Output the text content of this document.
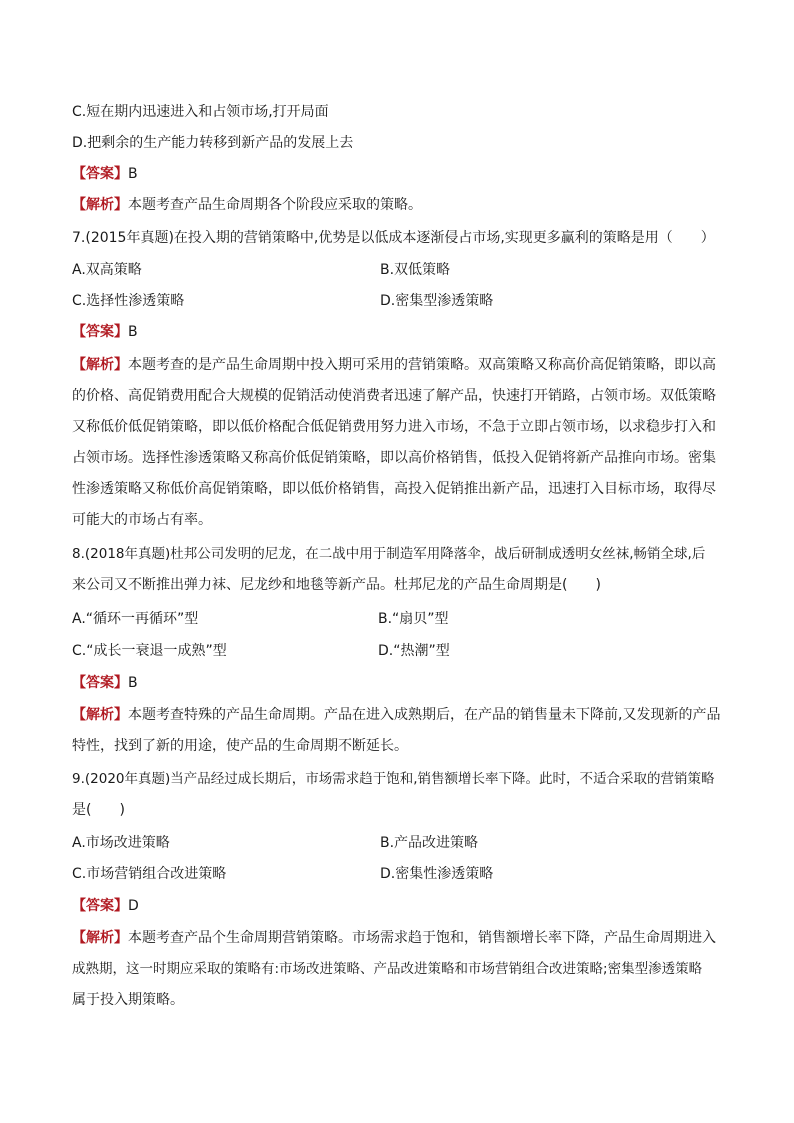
C.短在期内迅速进入和占领市场,打开局面
D.把剩余的生产能力转移到新产品的发展上去
【答案】B
【解析】本题考查产品生命周期各个阶段应采取的策略。
7.(2015年真题)在投入期的营销策略中,优势是以低成本逐渐侵占市场,实现更多赢利的策略是用（　　）
A.双高策略	B.双低策略
C.选择性渗透策略	D.密集型渗透策略
【答案】B

【解析】本题考查的是产品生命周期中投入期可采用的营销策略。双高策略又称高价高促销策略，即以高

的价格、高促销费用配合大规模的促销活动使消费者迅速了解产品，快速打开销路，占领市场。双低策略

又称低价低促销策略，即以低价格配合低促销费用努力进入市场，不急于立即占领市场，以求稳步打入和

占领市场。选择性渗透策略又称高价低促销策略，即以高价格销售，低投入促销将新产品推向市场。密集

性渗透策略又称低价高促销策略，即以低价格销售，高投入促销推出新产品，迅速打入目标市场，取得尽

可能大的市场占有率。

8.(2018年真题)杜邦公司发明的尼龙，在二战中用于制造军用降落伞，战后研制成透明女丝袜,畅销全球,后

来公司又不断推出弹力袜、尼龙纱和地毯等新产品。杜邦尼龙的产品生命周期是(　　)

A.“循环一再循环”型	B.“扇贝”型
C.“成长一衰退一成熟”型	D.“热潮”型
【答案】B

【解析】本题考查特殊的产品生命周期。产品在进入成熟期后，在产品的销售量未下降前,又发现新的产品

特性，找到了新的用途，使产品的生命周期不断延长。

9.(2020年真题)当产品经过成长期后，市场需求趋于饱和,销售额增长率下降。此时，不适合采取的营销策略

是(　　)

A.市场改进策略	B.产品改进策略
C.市场营销组合改进策略	D.密集性渗透策略
【答案】D

【解析】本题考查产品个生命周期营销策略。市场需求趋于饱和，销售额增长率下降，产品生命周期进入

成熟期，这一时期应采取的策略有:市场改进策略、产品改进策略和市场营销组合改进策略;密集型渗透策略

属于投入期策略。
